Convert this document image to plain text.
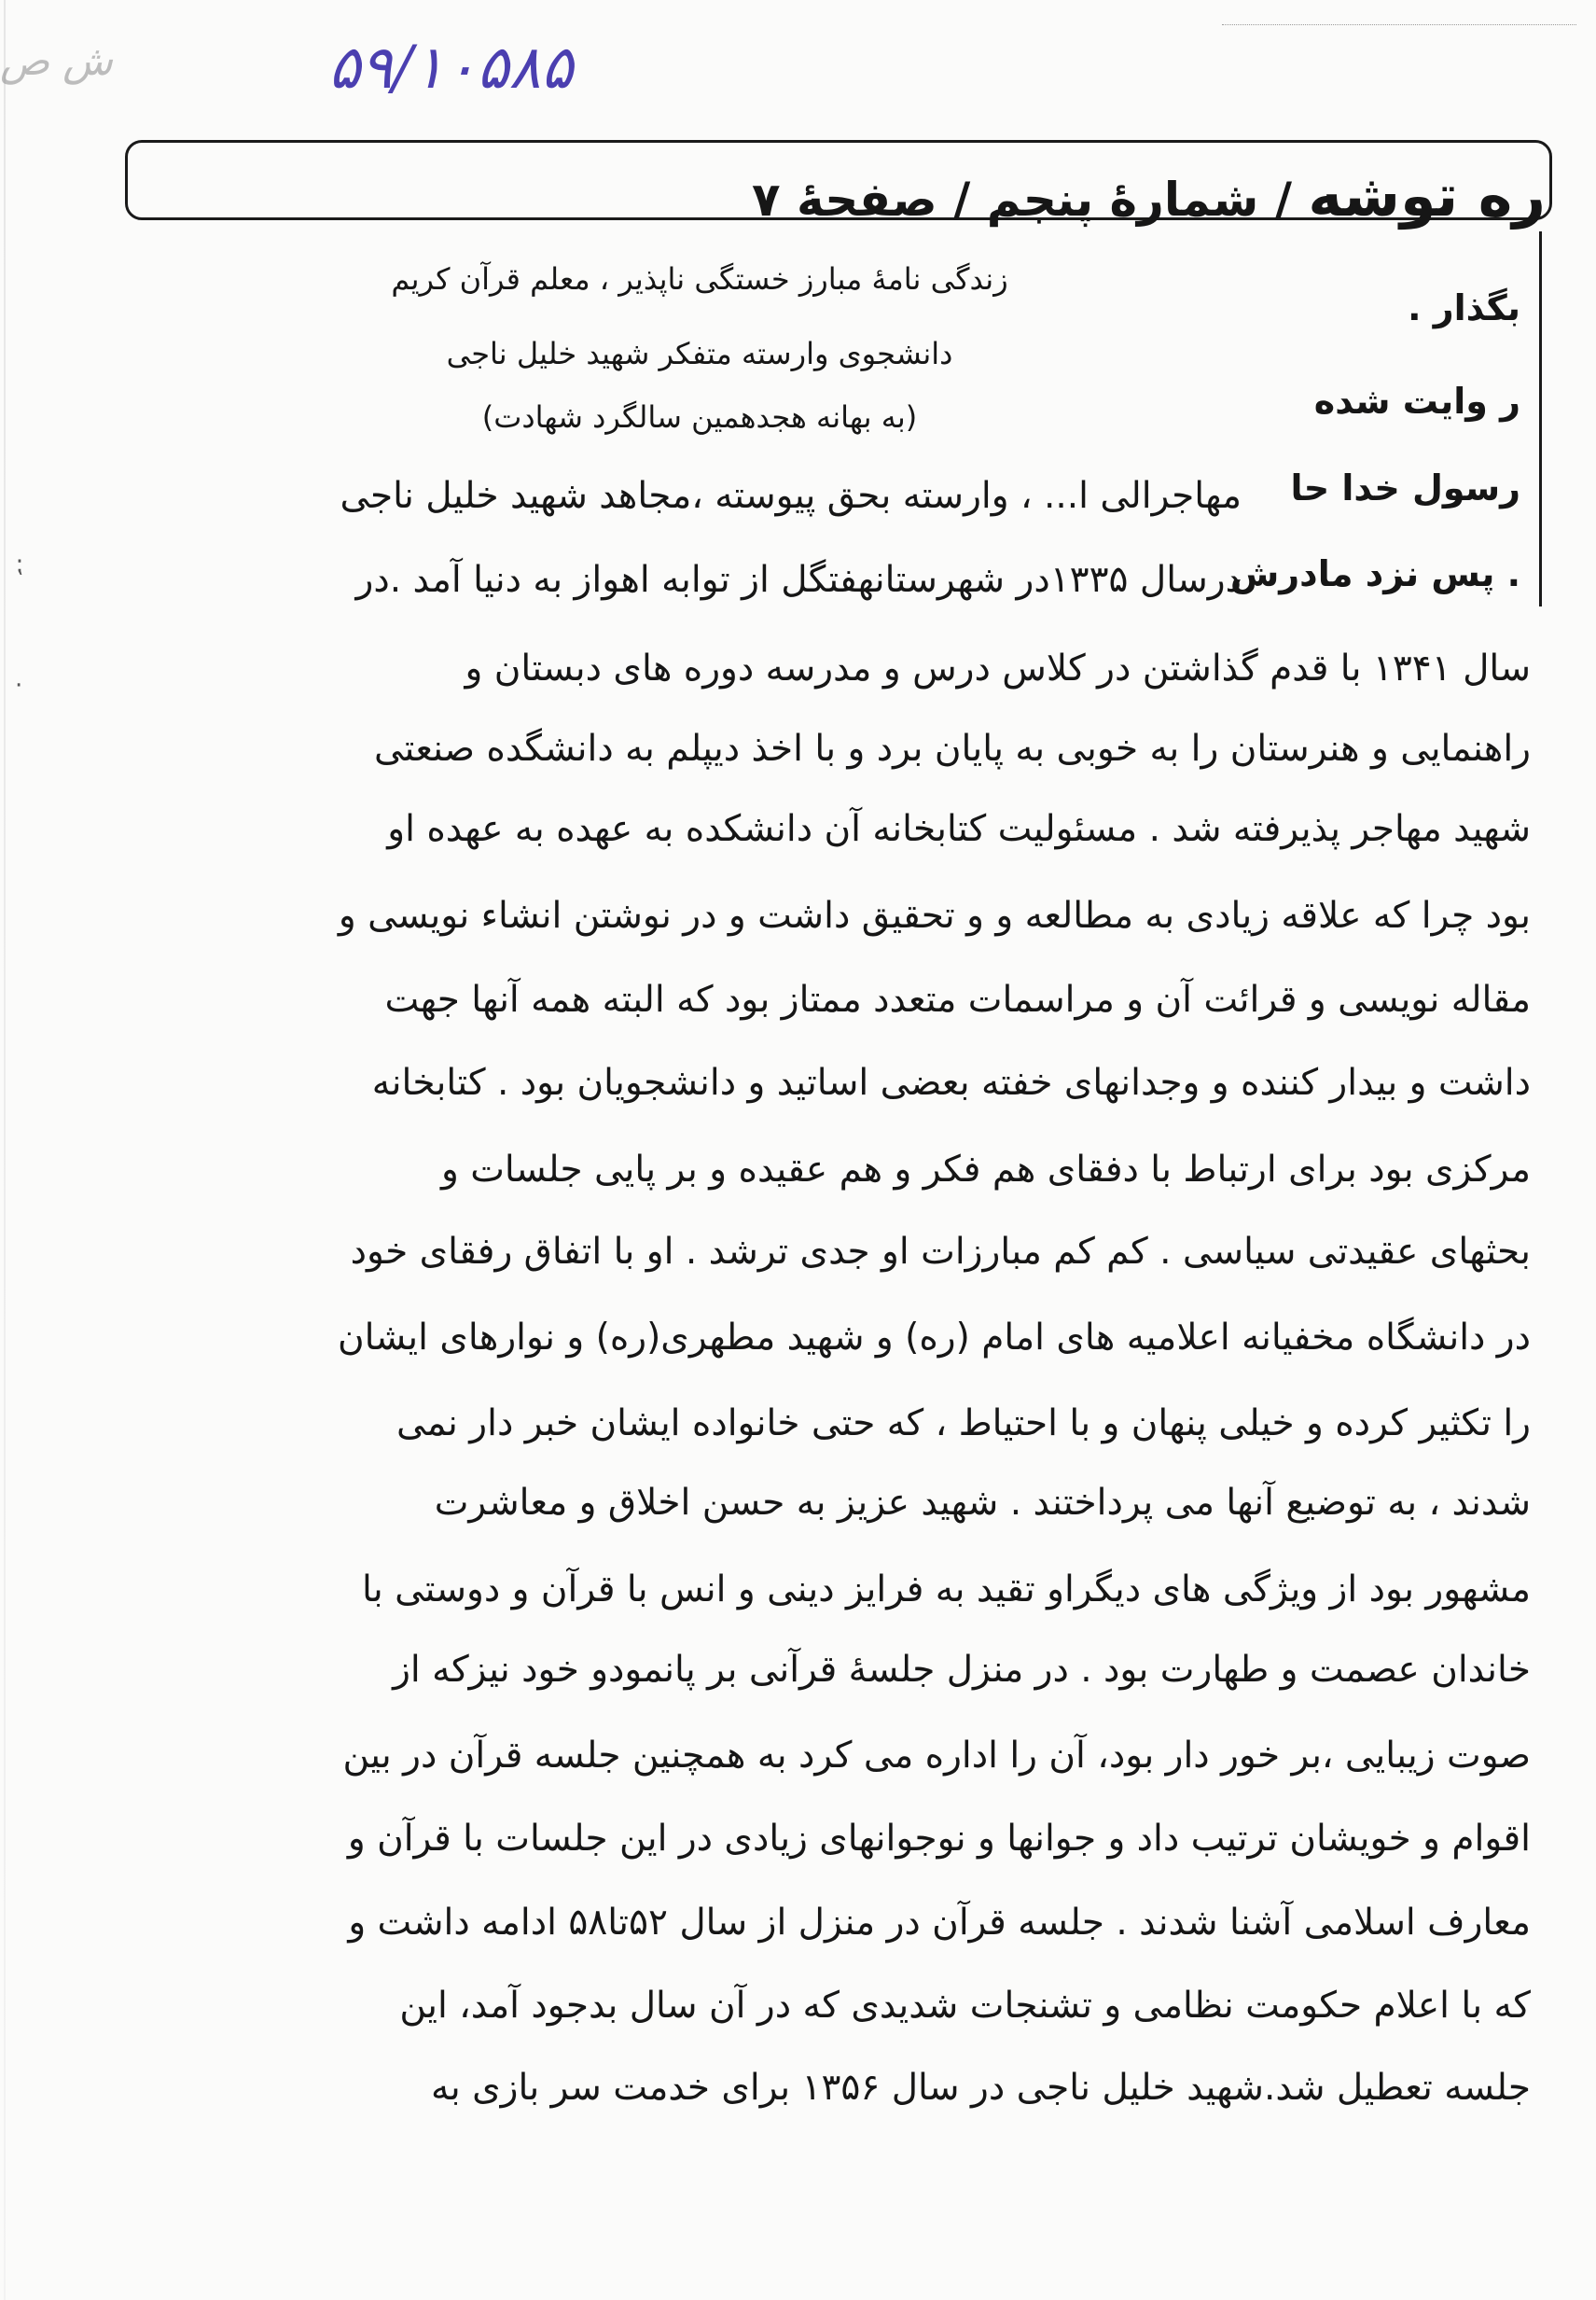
ش ص	۵۹/۱۰۵۸۵
ره توشه / شمارهٔ پنجم / صفحهٔ ۷
بگذار .
ر وایت شده
رسول خدا حا
. پس نزد مادرش
زندگی نامهٔ مبارز خستگی ناپذیر ، معلم قرآن کریم
دانشجوی وارسته متفکر شهید خلیل ناجی
(به بهانه هجدهمین سالگرد شهادت)
مهاجرالی ا... ، وارسته بحق پیوسته ،مجاهد شهید خلیل ناجی
درسال ۱۳۳۵در شهرستانهفتگل از توابه اهواز به دنیا آمد .در
سال ۱۳۴۱ با قدم گذاشتن در کلاس درس و مدرسه دوره های دبستان و
راهنمایی و هنرستان را به خوبی به پایان برد و با اخذ دیپلم به دانشگده صنعتی
شهید مهاجر پذیرفته شد . مسئولیت کتابخانه آن دانشکده به عهده به عهده او
بود چرا که علاقه زیادی به مطالعه و و تحقیق داشت و در نوشتن انشاء نویسی و
مقاله نویسی و قرائت آن و مراسمات متعدد ممتاز بود که البته همه آنها جهت
داشت و بیدار کننده و وجدانهای خفته بعضی اساتید و دانشجویان بود . کتابخانه
مرکزی بود برای ارتباط با دفقای هم فکر و هم عقیده و بر پایی جلسات و
بحثهای عقیدتی سیاسی . کم کم مبارزات او جدی ترشد . او با اتفاق رفقای خود
در دانشگاه مخفیانه اعلامیه های امام (ره) و شهید مطهری(ره) و نوارهای ایشان
را تکثیر کرده و خیلی پنهان و با احتیاط ، که حتی خانواده ایشان خبر دار نمی
شدند ، به توضیع آنها می پرداختند . شهید عزیز به حسن اخلاق و معاشرت
مشهور بود از ویژگی های دیگراو تقید به فرایز دینی و انس با قرآن و دوستی با
خاندان عصمت و طهارت بود . در منزل جلسهٔ قرآنی بر پانمودو خود نیزکه از
صوت زیبایی ،بر خور دار بود، آن را اداره می کرد به همچنین جلسه قرآن در بین
اقوام و خویشان ترتیب داد و جوانها و نوجوانهای زیادی در این جلسات با قرآن و
معارف اسلامی آشنا شدند . جلسه قرآن در منزل از سال ۵۲تا۵۸ ادامه داشت و
که با اعلام حکومت نظامی و تشنجات شدیدی که در آن سال بدجود آمد، این
جلسه تعطیل شد.شهید خلیل ناجی در سال ۱۳۵۶ برای خدمت سر بازی به
⁏
·
